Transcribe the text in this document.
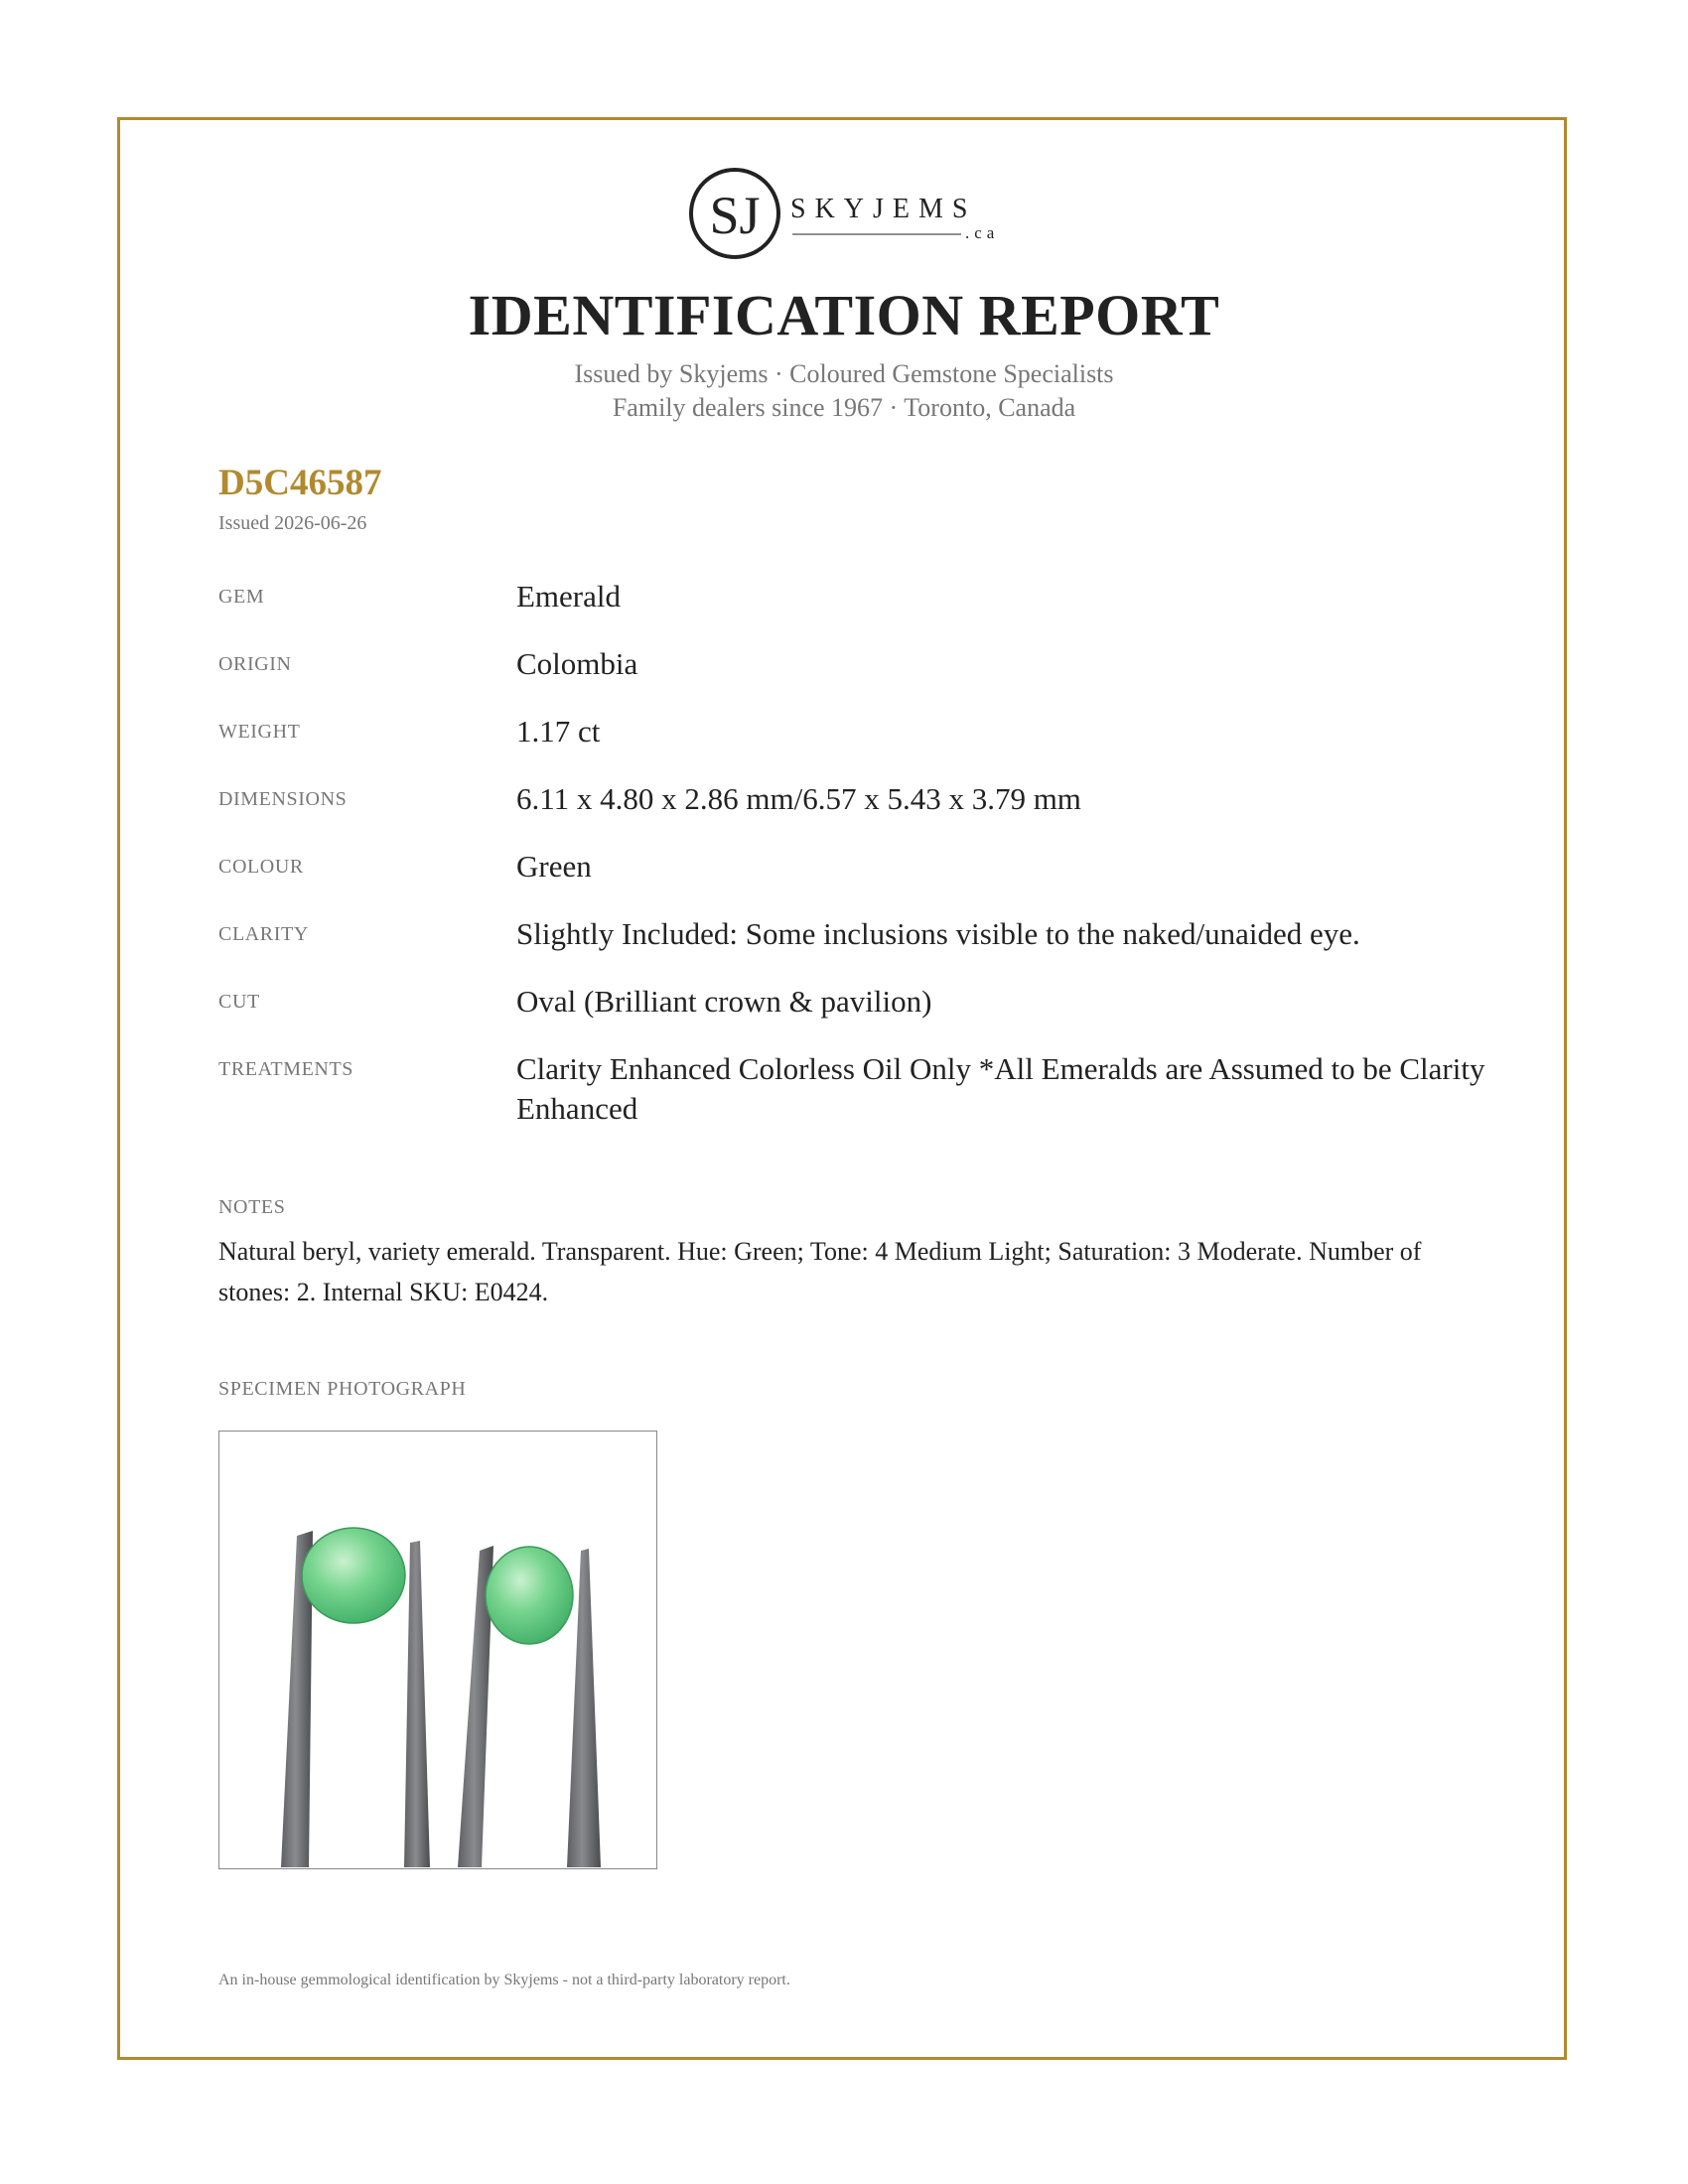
SJ SKYJEMS
.ca
IDENTIFICATION REPORT
Issued by Skyjems · Coloured Gemstone Specialists
Family dealers since 1967 · Toronto, Canada
D5C46587
Issued 2026-06-26
GEM	Emerald
ORIGIN	Colombia
WEIGHT	1.17 ct
DIMENSIONS	6.11 x 4.80 x 2.86 mm/6.57 x 5.43 x 3.79 mm
COLOUR	Green
CLARITY	Slightly Included: Some inclusions visible to the naked/unaided eye.
CUT	Oval (Brilliant crown & pavilion)
TREATMENTS	Clarity Enhanced Colorless Oil Only *All Emeralds are Assumed to be Clarity Enhanced
NOTES
Natural beryl, variety emerald. Transparent. Hue: Green; Tone: 4 Medium Light; Saturation: 3 Moderate. Number of stones: 2. Internal SKU: E0424.
SPECIMEN PHOTOGRAPH
An in-house gemmological identification by Skyjems - not a third-party laboratory report.
